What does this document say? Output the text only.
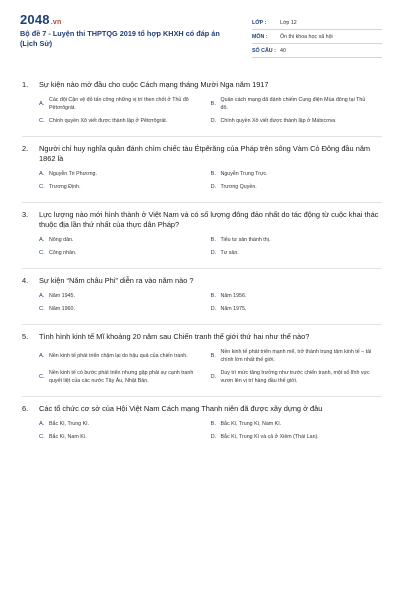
2048.vn
Bộ đề 7 - Luyện thi THPTQG 2019 tổ hợp KHXH có đáp án (Lịch Sử)
LỚP :	Lớp 12
MÔN :	Ôn thi khoa học xã hội
SỐ CÂU : 40
1.	Sự kiện nào mở đầu cho cuộc Cách mạng tháng Mười Nga năm 1917
A.
Các đội Cận vệ đỏ tấn công những vị trí then chốt ở Thủ đô Pêtơrôgrát.
B.
Quân cách mạng đã đánh chiếm Cung điện Mùa đông tại Thủ đô.
C. Chính quyền Xô viết được thành lập ở Pêtơrôgrát.	D. Chính quyền Xô viết được thành lập ở Mátxcơva
2.	Người chỉ huy nghĩa quân đánh chìm chiếc tàu Étpêrăng của Pháp trên sông Vàm Cỏ Đông đầu năm 1862 là
A. Nguyễn Tri Phương.	B. Nguyễn Trung Trực.
C. Trương Định.	D. Trương Quyền.
3.	Lực lượng nào mới hình thành ở Việt Nam và có số lượng đông đảo nhất do tác động từ cuộc khai thác thuộc địa lần thứ nhất của thực dân Pháp?
A. Nông dân.	B. Tiểu tư sản thành thị.
C. Công nhân.	D. Tư sản.
4.	Sự kiện “Năm châu Phi” diễn ra vào năm nào ?
A. Năm 1945.	B. Năm 1956.
C. Năm 1960.	D. Năm 1975.
5.	Tình hình kinh tế Mĩ khoảng 20 năm sau Chiến tranh thế giới thứ hai như thế nào?
A. Nền kinh tế phát triển chậm lại do hậu quả của chiến tranh.	B.
Nền kinh tế phát triển mạnh mẽ, trở thành trung tâm kinh tế – tài chính lớn nhất thế giới.
C.
Nền kinh tế có bước phát triển nhưng gặp phải sự cạnh tranh quyết liệt của các nước Tây Âu, Nhật Bản.
D.
Duy trì mức tăng trưởng như trước chiến tranh, một số lĩnh vực vươn lên vị trí hàng đầu thế giới.
6.	Các tổ chức cơ sở của Hội Việt Nam Cách mạng Thanh niên đã được xây dựng ở đâu
A. Bắc Kì, Trung Kì.	B. Bắc Kì, Trung Kì, Nam Kì.
C. Bắc Kì, Nam Kì.	D. Bắc Kì, Trung Kì và cả ở Xiêm (Thái Lan).
